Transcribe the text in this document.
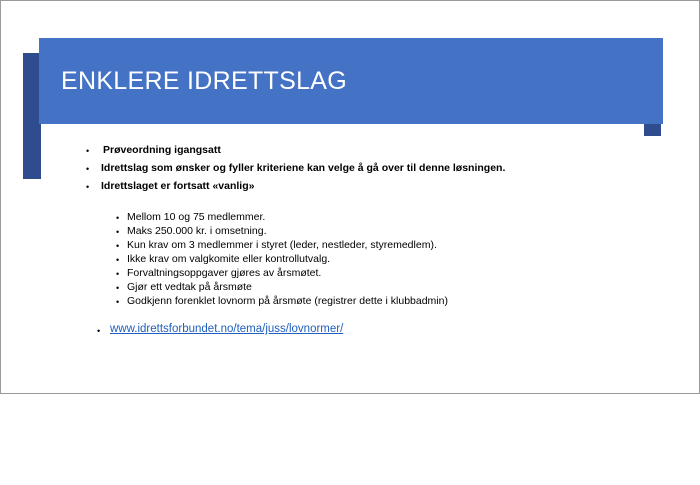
ENKLERE IDRETTSLAG
• Prøveordning igangsatt
• Idrettslag som ønsker og fyller kriteriene kan velge å gå over til denne løsningen.
• Idrettslaget er fortsatt «vanlig»
• Mellom 10 og 75 medlemmer.
• Maks 250.000 kr. i omsetning.
• Kun krav om 3 medlemmer i styret (leder, nestleder, styremedlem).
• Ikke krav om valgkomite eller kontrollutvalg.
• Forvaltningsoppgaver gjøres av årsmøtet.
• Gjør ett vedtak på årsmøte
• Godkjenn forenklet lovnorm på årsmøte (registrer dette i klubbadmin)
• www.idrettsforbundet.no/tema/juss/lovnormer/
